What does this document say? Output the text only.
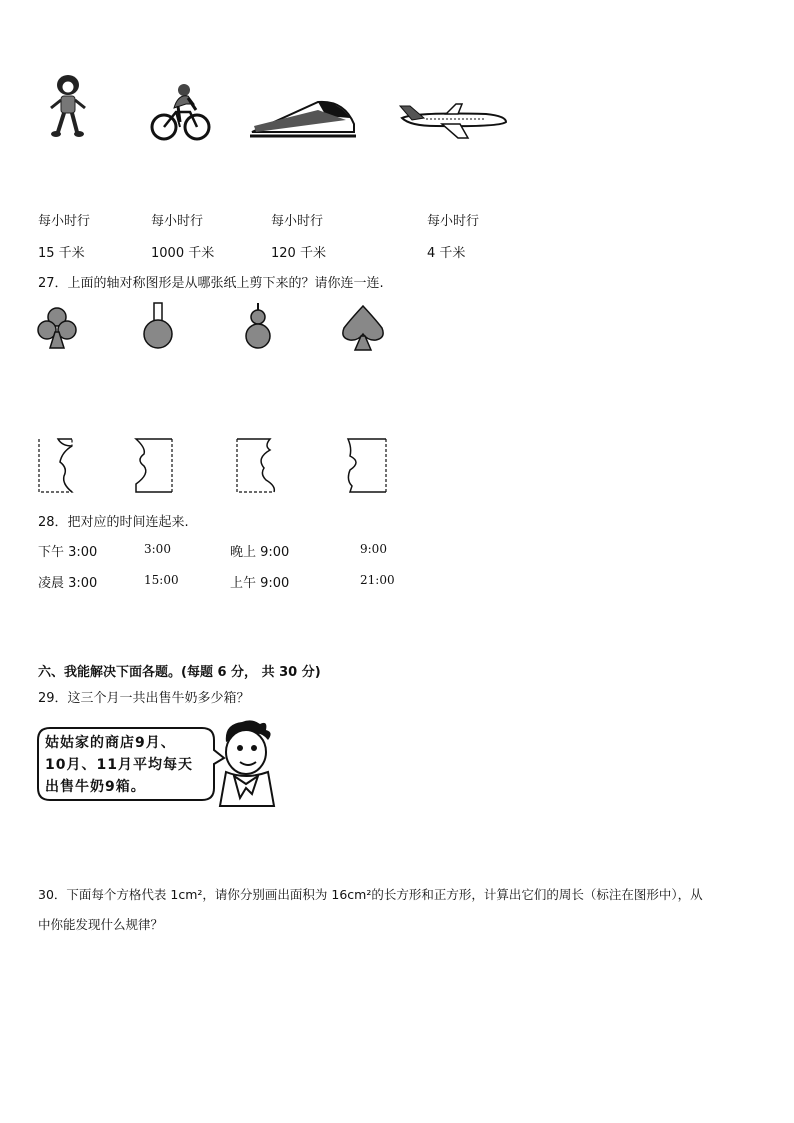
每小时行	每小时行	每小时行	每小时行
15 千米	1000 千米	120 千米	4 千米
27．上面的轴对称图形是从哪张纸上剪下来的？请你连一连.
28．把对应的时间连起来.
下午 3:00	3:00	晚上 9:00	9:00
凌晨 3:00	15:00	上午 9:00	21:00
六、我能解决下面各题。(每题 6 分， 共 30 分)
29．这三个月一共出售牛奶多少箱？
姑姑家的商店9月、
10月、11月平均每天
出售牛奶9箱。
30．下面每个方格代表 1cm²，请你分别画出面积为 16cm²的长方形和正方形，计算出它们的周长（标注在图形中），从
中你能发现什么规律？
